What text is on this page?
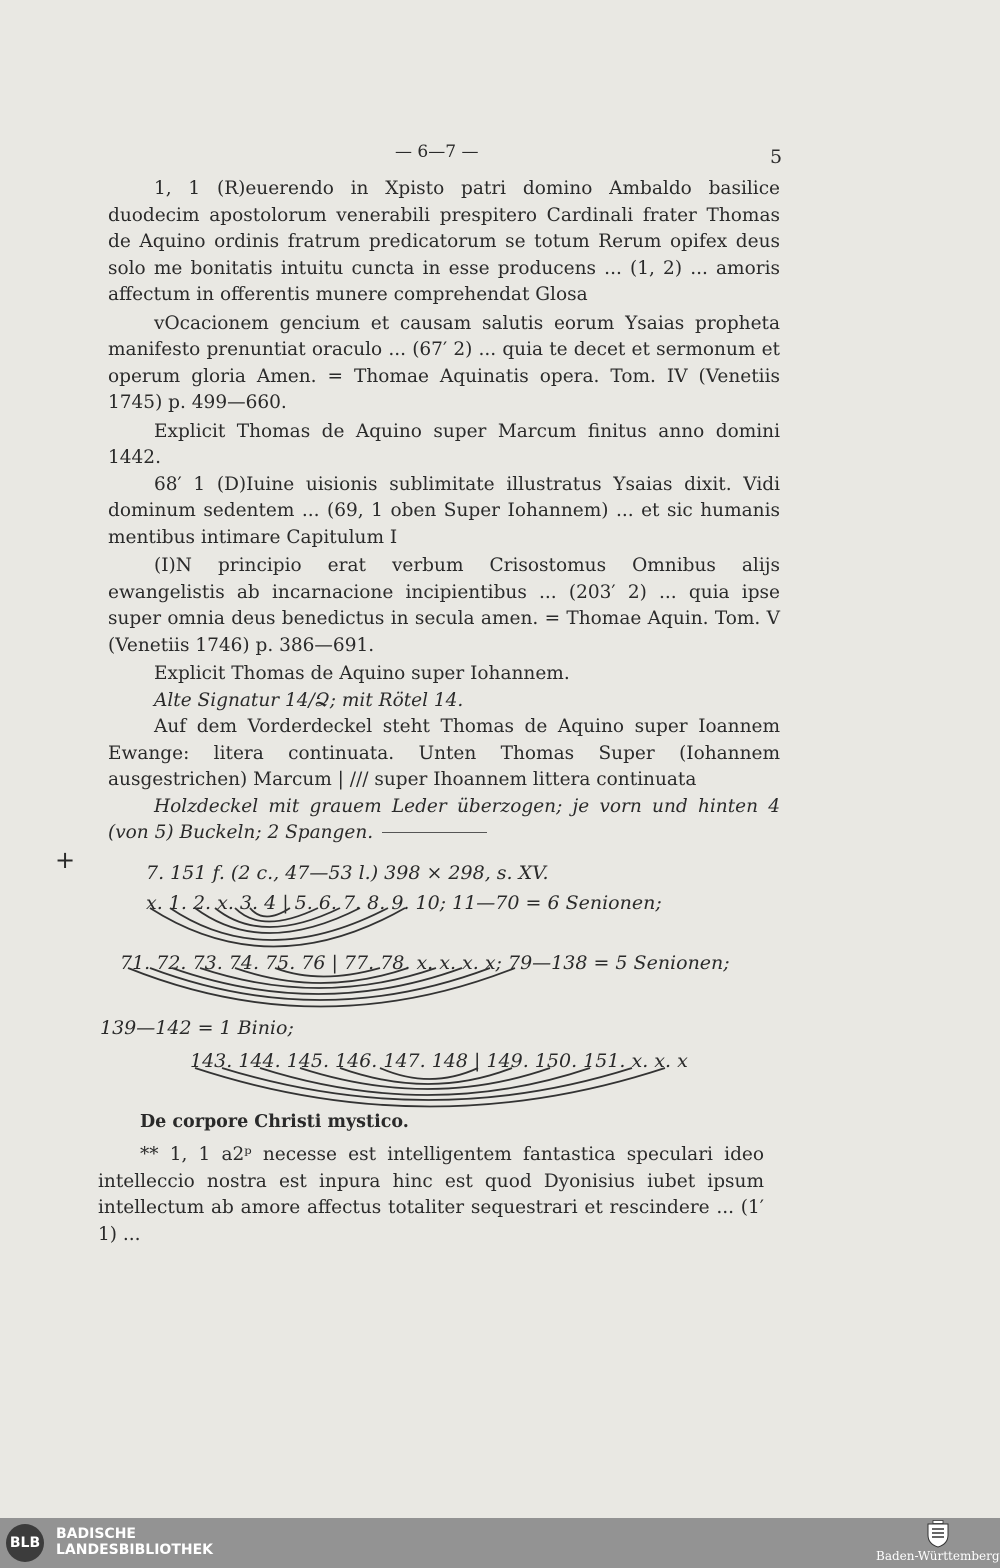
— 6—7 —	5

1, 1 (R)euerendo in Xpisto patri domino Ambaldo basilice duodecim apostolorum venerabili prespitero Cardinali frater Thomas de Aquino ordinis fratrum predicatorum se totum Rerum opifex deus solo me bonitatis intuitu cuncta in esse producens ... (1, 2) ... amoris affectum in offerentis munere comprehendat Glosa

vOcacionem gencium et causam salutis eorum Ysaias propheta manifesto prenuntiat oraculo ... (67′ 2) ... quia te decet et sermonum et operum gloria Amen. = Thomae Aquinatis opera. Tom. IV (Venetiis 1745) p. 499—660.

Explicit Thomas de Aquino super Marcum finitus anno domini 1442.

68′ 1 (D)Iuine uisionis sublimitate illustratus Ysaias dixit. Vidi dominum sedentem ... (69, 1 oben Super Iohannem) ... et sic humanis mentibus intimare Capitulum I

(I)N principio erat verbum Crisostomus Omnibus alijs ewangelistis ab incarnacione incipientibus ... (203′ 2) ... quia ipse super omnia deus benedictus in secula amen. = Thomae Aquin. Tom. V (Venetiis 1746) p. 386—691.

Explicit Thomas de Aquino super Iohannem.

Alte Signatur 14/Ձ; mit Rötel 14.

Auf dem Vorderdeckel steht Thomas de Aquino super Ioannem Ewange: litera continuata. Unten Thomas Super (Iohannem ausgestrichen) Marcum | /// super Ihoannem littera continuata

Holzdeckel mit grauem Leder überzogen; je vorn und hinten 4 (von 5) Buckeln; 2 Spangen.

+	7. 151 f. (2 c., 47—53 l.) 398 × 298, s. XV.
x. 1. 2. x. 3. 4 | 5. 6. 7. 8. 9. 10; 11—70 = 6 Senionen;
71. 72. 73. 74. 75. 76 | 77. 78. x. x. x. x; 79—138 = 5 Senionen;
139—142 = 1 Binio;
143. 144. 145. 146. 147. 148 | 149. 150. 151. x. x. x
De corpore Christi mystico.

** 1, 1 a2ᵖ necesse est intelligentem fantastica speculari ideo intelleccio nostra est inpura hinc est quod Dyonisius iubet ipsum intellectum ab amore affectus totaliter sequestrari et rescindere ... (1′ 1) ...

BLB
BADISCHE
LANDESBIBLIOTHEK	Baden-Württemberg
